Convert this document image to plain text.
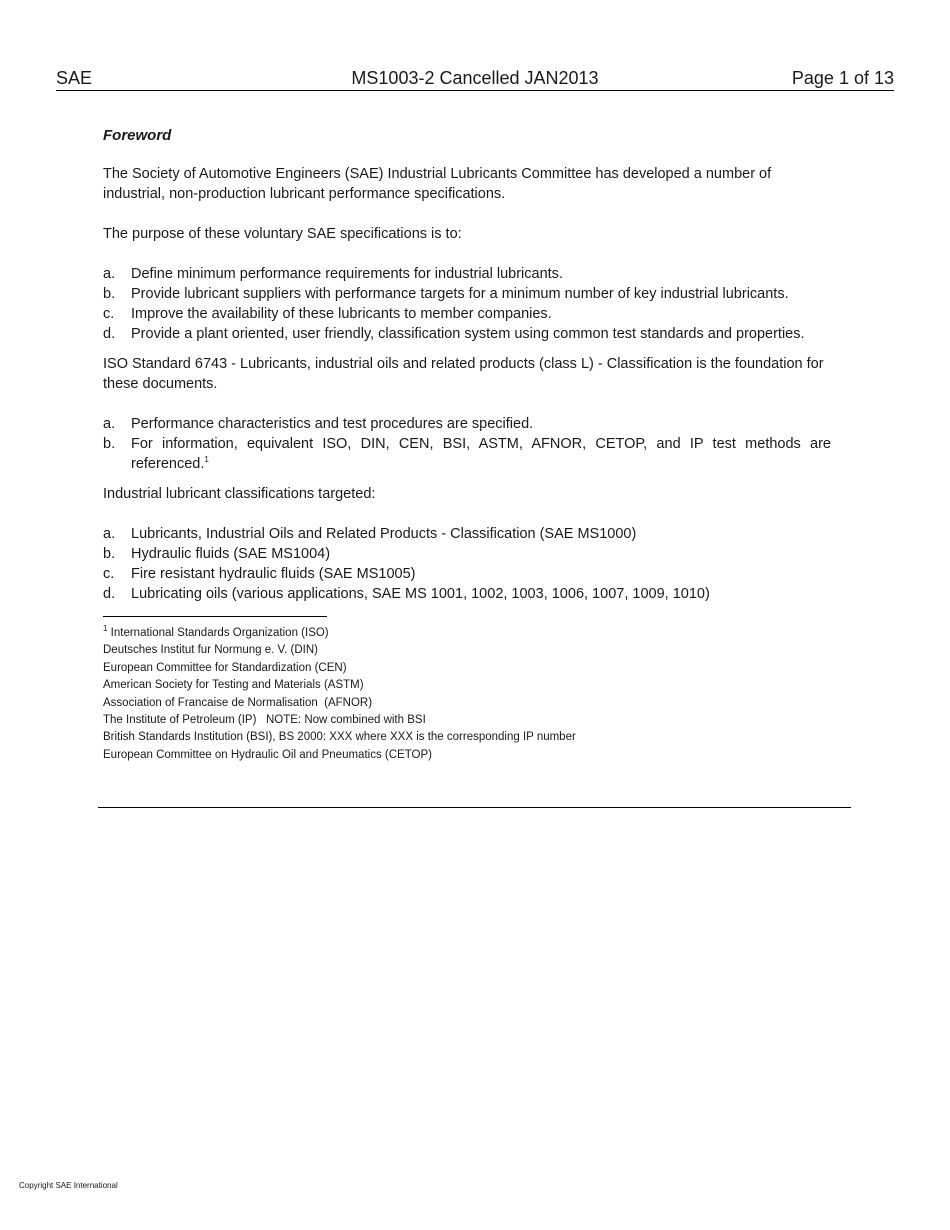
SAE	MS1003-2 Cancelled JAN2013	Page 1 of 13
Foreword

The Society of Automotive Engineers (SAE) Industrial Lubricants Committee has developed a number of industrial, non-production lubricant performance specifications.

The purpose of these voluntary SAE specifications is to:

a. Define minimum performance requirements for industrial lubricants.
b. Provide lubricant suppliers with performance targets for a minimum number of key industrial lubricants.
c. Improve the availability of these lubricants to member companies.
d. Provide a plant oriented, user friendly, classification system using common test standards and properties.

ISO Standard 6743 - Lubricants, industrial oils and related products (class L) - Classification is the foundation for these documents.

a. Performance characteristics and test procedures are specified.
b. For information, equivalent ISO, DIN, CEN, BSI, ASTM, AFNOR, CETOP, and IP test methods are referenced.$^1$

Industrial lubricant classifications targeted:

a. Lubricants, Industrial Oils and Related Products - Classification (SAE MS1000)
b. Hydraulic fluids (SAE MS1004)
c. Fire resistant hydraulic fluids (SAE MS1005)
d. Lubricating oils (various applications, SAE MS 1001, 1002, 1003, 1006, 1007, 1009, 1010)
$^1$ International Standards Organization (ISO)
Deutsches Institut fur Normung e. V. (DIN)
European Committee for Standardization (CEN)
American Society for Testing and Materials (ASTM)
Association of Francaise de Normalisation  (AFNOR)
The Institute of Petroleum (IP)   NOTE: Now combined with BSI
British Standards Institution (BSI), BS 2000: XXX where XXX is the corresponding IP number
European Committee on Hydraulic Oil and Pneumatics (CETOP)
Copyright SAE International
